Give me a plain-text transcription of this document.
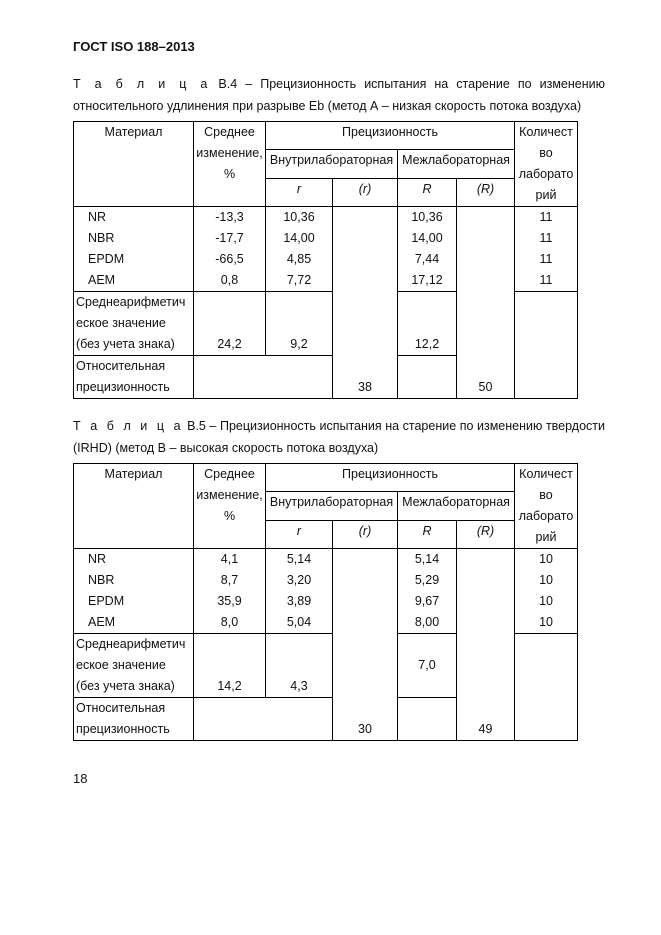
ГОСТ ISO 188–2013
Т а б л и ц а В.4 – Прецизионность испытания на старение по изменению относительного удлинения при разрыве Eb (метод А – низкая скорость потока воздуха)
Материал	Среднее изменение, %	Прецизионность				Количество лабораторий
		Внутрилабораторная		Межлабораторная		
		r	(r)	R	(R)	
NR	-13,3	10,36	38	10,36	50	11
NBR	-17,7	14,00		14,00		11
EPDM	-66,5	4,85		7,44		11
AEM	0,8	7,72		17,12		11
Среднеарифметическое значение (без учета знака)	24,2	9,2		12,2		
Относительная прецизионность						
Т а б л и ц а В.5 – Прецизионность испытания на старение по изменению твердости (IRHD) (метод В – высокая скорость потока воздуха)
Материал	Среднее изменение, %	Прецизионность				Количество лабораторий
		Внутрилабораторная		Межлабораторная		
		r	(r)	R	(R)	
NR	4,1	5,14	30	5,14	49	10
NBR	8,7	3,20		5,29		10
EPDM	35,9	3,89		9,67		10
AEM	8,0	5,04		8,00		10
Среднеарифметическое значение (без учета знака)	14,2	4,3		7,0		
Относительная прецизионность						
18
